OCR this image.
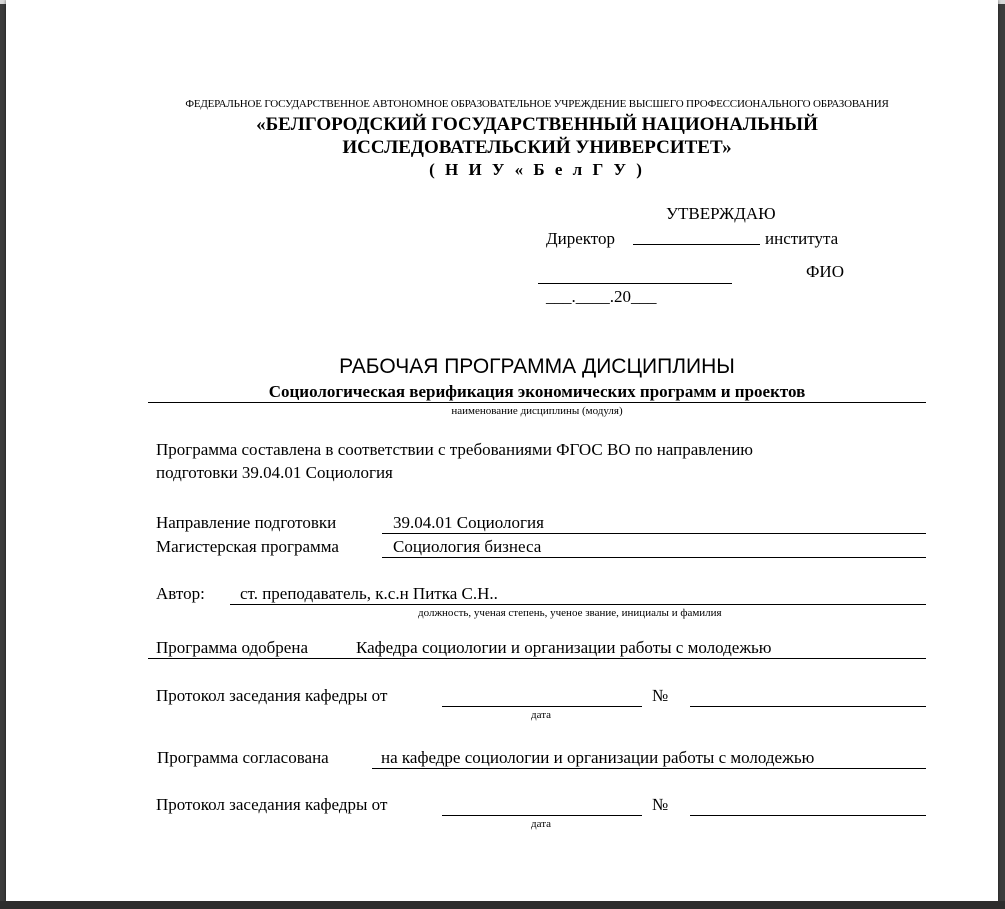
ФЕДЕРАЛЬНОЕ ГОСУДАРСТВЕННОЕ АВТОНОМНОЕ ОБРАЗОВАТЕЛЬНОЕ УЧРЕЖДЕНИЕ ВЫСШЕГО ПРОФЕССИОНАЛЬНОГО ОБРАЗОВАНИЯ
«БЕЛГОРОДСКИЙ ГОСУДАРСТВЕННЫЙ НАЦИОНАЛЬНЫЙ
ИССЛЕДОВАТЕЛЬСКИЙ УНИВЕРСИТЕТ»
( Н И У « Б е л Г У )
УТВЕРЖДАЮ
Директор	института
ФИО
___.____.20___
РАБОЧАЯ ПРОГРАММА ДИСЦИПЛИНЫ
Социологическая верификация экономических программ и проектов
наименование дисциплины (модуля)
Программа составлена в соответствии с требованиями ФГОС ВО по направлению
подготовки 39.04.01 Социология
Направление подготовки	39.04.01 Социология
Магистерская программа	Социология бизнеса
Автор: ст. преподаватель, к.с.н Питка С.Н..
должность, ученая степень, ученое звание, инициалы и фамилия
Программа одобрена	Кафедра социологии и организации работы с молодежью
Протокол заседания кафедры от	№
дата
Программа согласована	на кафедре социологии и организации работы с молодежью
Протокол заседания кафедры от	№
дата
